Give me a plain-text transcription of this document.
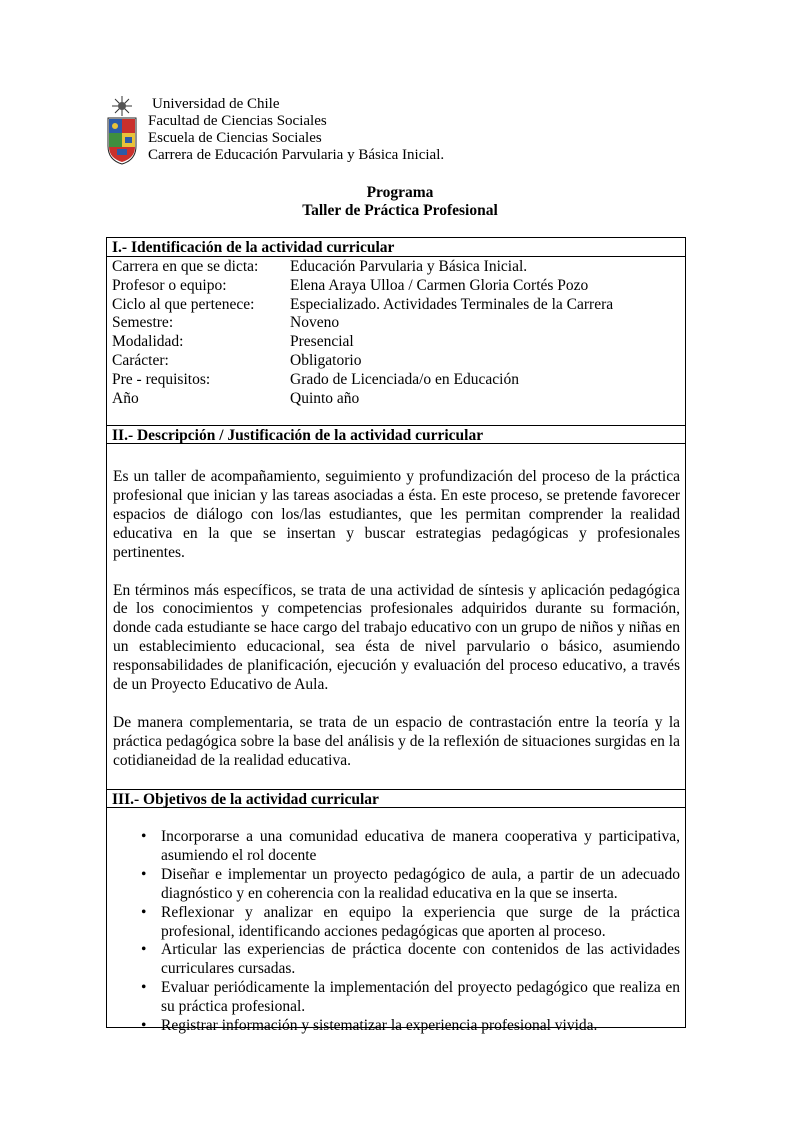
Universidad de Chile
Facultad de Ciencias Sociales
Escuela de Ciencias Sociales
Carrera de Educación Parvularia y Básica Inicial.
Programa
Taller de Práctica Profesional
I.- Identificación de la actividad curricular
Carrera en que se dicta:	Educación Parvularia y Básica Inicial.
Profesor o equipo:	Elena Araya Ulloa / Carmen Gloria Cortés Pozo
Ciclo al que pertenece:	Especializado. Actividades Terminales de la Carrera
Semestre:	Noveno
Modalidad:	Presencial
Carácter:	Obligatorio
Pre - requisitos:	Grado de Licenciada/o en Educación
Año	Quinto año
II.- Descripción / Justificación de la actividad curricular

Es un taller de acompañamiento, seguimiento y profundización del proceso de la práctica profesional que inician y las tareas asociadas a ésta. En este proceso, se pretende favorecer espacios de diálogo con los/las estudiantes, que les permitan comprender la realidad educativa en la que se insertan y buscar estrategias pedagógicas y profesionales pertinentes.

En términos más específicos, se trata de una actividad de síntesis y aplicación pedagógica de los conocimientos y competencias profesionales adquiridos durante su formación, donde cada estudiante se hace cargo del trabajo educativo con un grupo de niños y niñas en un establecimiento educacional, sea ésta de nivel parvulario o básico, asumiendo responsabilidades de planificación, ejecución y evaluación del proceso educativo, a través de un Proyecto Educativo de Aula.

De manera complementaria, se trata de un espacio de contrastación entre la teoría y la práctica pedagógica sobre la base del análisis y de la reflexión de situaciones surgidas en la cotidianeidad de la realidad educativa.

III.- Objetivos de la actividad curricular
• Incorporarse a una comunidad educativa de manera cooperativa y participativa, asumiendo el rol docente
• Diseñar e implementar un proyecto pedagógico de aula, a partir de un adecuado diagnóstico y en coherencia con la realidad educativa en la que se inserta.
• Reflexionar y analizar en equipo la experiencia que surge de la práctica profesional, identificando acciones pedagógicas que aporten al proceso.
• Articular las experiencias de práctica docente con contenidos de las actividades curriculares cursadas.
• Evaluar periódicamente la implementación del proyecto pedagógico que realiza en su práctica profesional.
• Registrar información y sistematizar la experiencia profesional vivida.
